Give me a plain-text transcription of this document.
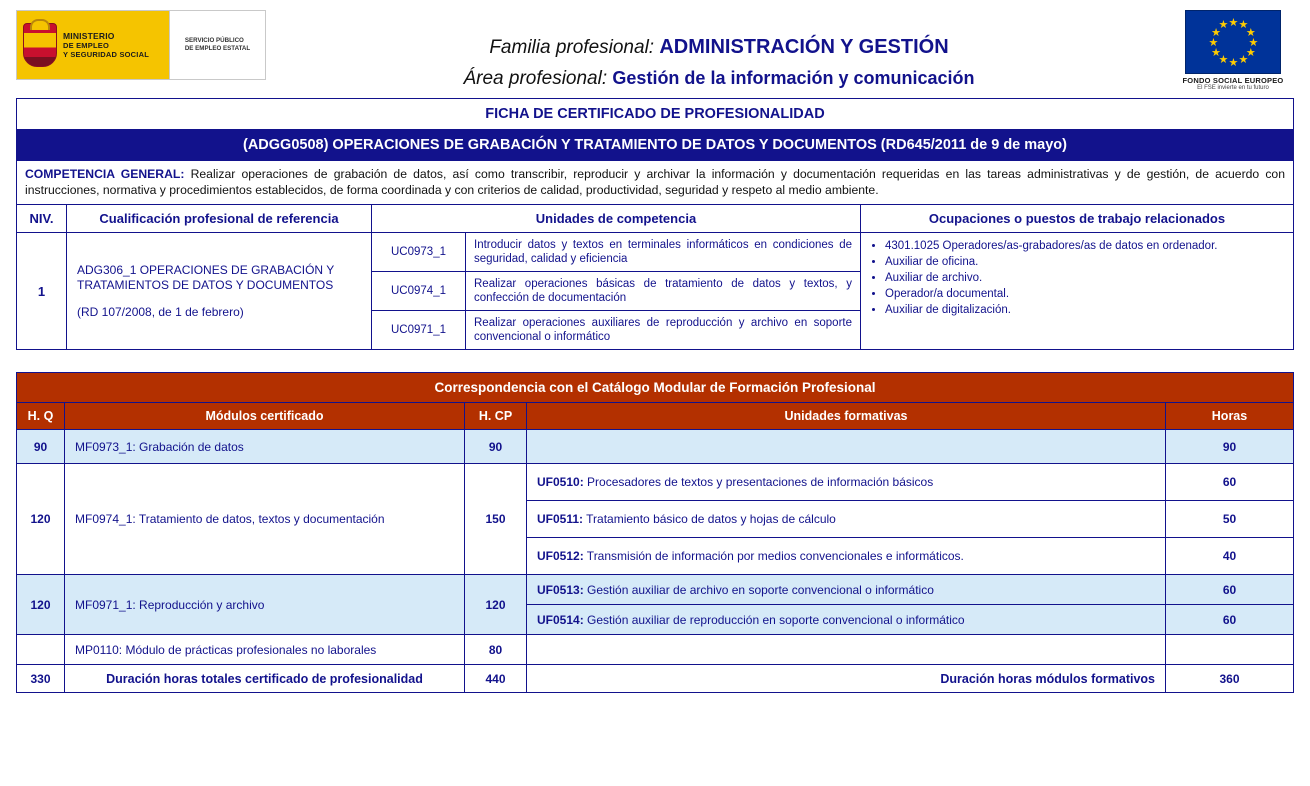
MINISTERIO
DE EMPLEO
Y SEGURIDAD SOCIAL
SERVICIO PÚBLICO
DE EMPLEO ESTATAL	Familia profesional: ADMINISTRACIÓN Y GESTIÓN
Área profesional: Gestión de la información y comunicación
★ ★
★
★
★
★
★
★
★
★
★
★
FONDO SOCIAL EUROPEO
El FSE invierte en tu futuro
FICHA DE CERTIFICADO DE PROFESIONALIDAD				
(ADGG0508) OPERACIONES DE GRABACIÓN Y TRATAMIENTO DE DATOS Y DOCUMENTOS (RD645/2011 de 9 de mayo)				
COMPETENCIA GENERAL: Realizar operaciones de grabación de datos, así como transcribir, reproducir y archivar la información y documentación requeridas en las tareas administrativas y de gestión, de acuerdo con instrucciones, normativa y procedimientos establecidos, de forma coordinada y con criterios de calidad, productividad, seguridad y respeto al medio ambiente.				
NIV.	Cualificación profesional de referencia	Unidades de competencia		Ocupaciones o puestos de trabajo relacionados
1	ADG306_1 OPERACIONES DE GRABACIÓN Y TRATAMIENTOS DE DATOS Y DOCUMENTOS
(RD 107/2008, de 1 de febrero)
	UC0973_1	Introducir datos y textos en terminales informáticos en condiciones de seguridad, calidad y eficiencia	
• 4301.1025 Operadores/as-grabadores/as de datos en ordenador.
• Auxiliar de oficina.
• Auxiliar de archivo.
• Operador/a documental.
• Auxiliar de digitalización.

		UC0974_1	Realizar operaciones básicas de tratamiento de datos y textos, y confección de documentación	
		UC0971_1	Realizar operaciones auxiliares de reproducción y archivo en soporte convencional o informático	
Correspondencia con el Catálogo Modular de Formación Profesional				
H. Q	Módulos certificado	H. CP	Unidades formativas	Horas
90	MF0973_1: Grabación de datos	90		90
120	MF0974_1: Tratamiento de datos, textos y documentación	150	UF0510: Procesadores de textos y presentaciones de información básicos	60
			UF0511: Tratamiento básico de datos y hojas de cálculo	50
			UF0512: Transmisión de información por medios convencionales e informáticos.	40
120	MF0971_1: Reproducción y archivo	120	UF0513: Gestión auxiliar de archivo en soporte convencional o informático	60
			UF0514: Gestión auxiliar de reproducción en soporte convencional o informático	60
	MP0110: Módulo de prácticas profesionales no laborales	80		
330	Duración horas totales certificado de profesionalidad	440	Duración horas módulos formativos	360
